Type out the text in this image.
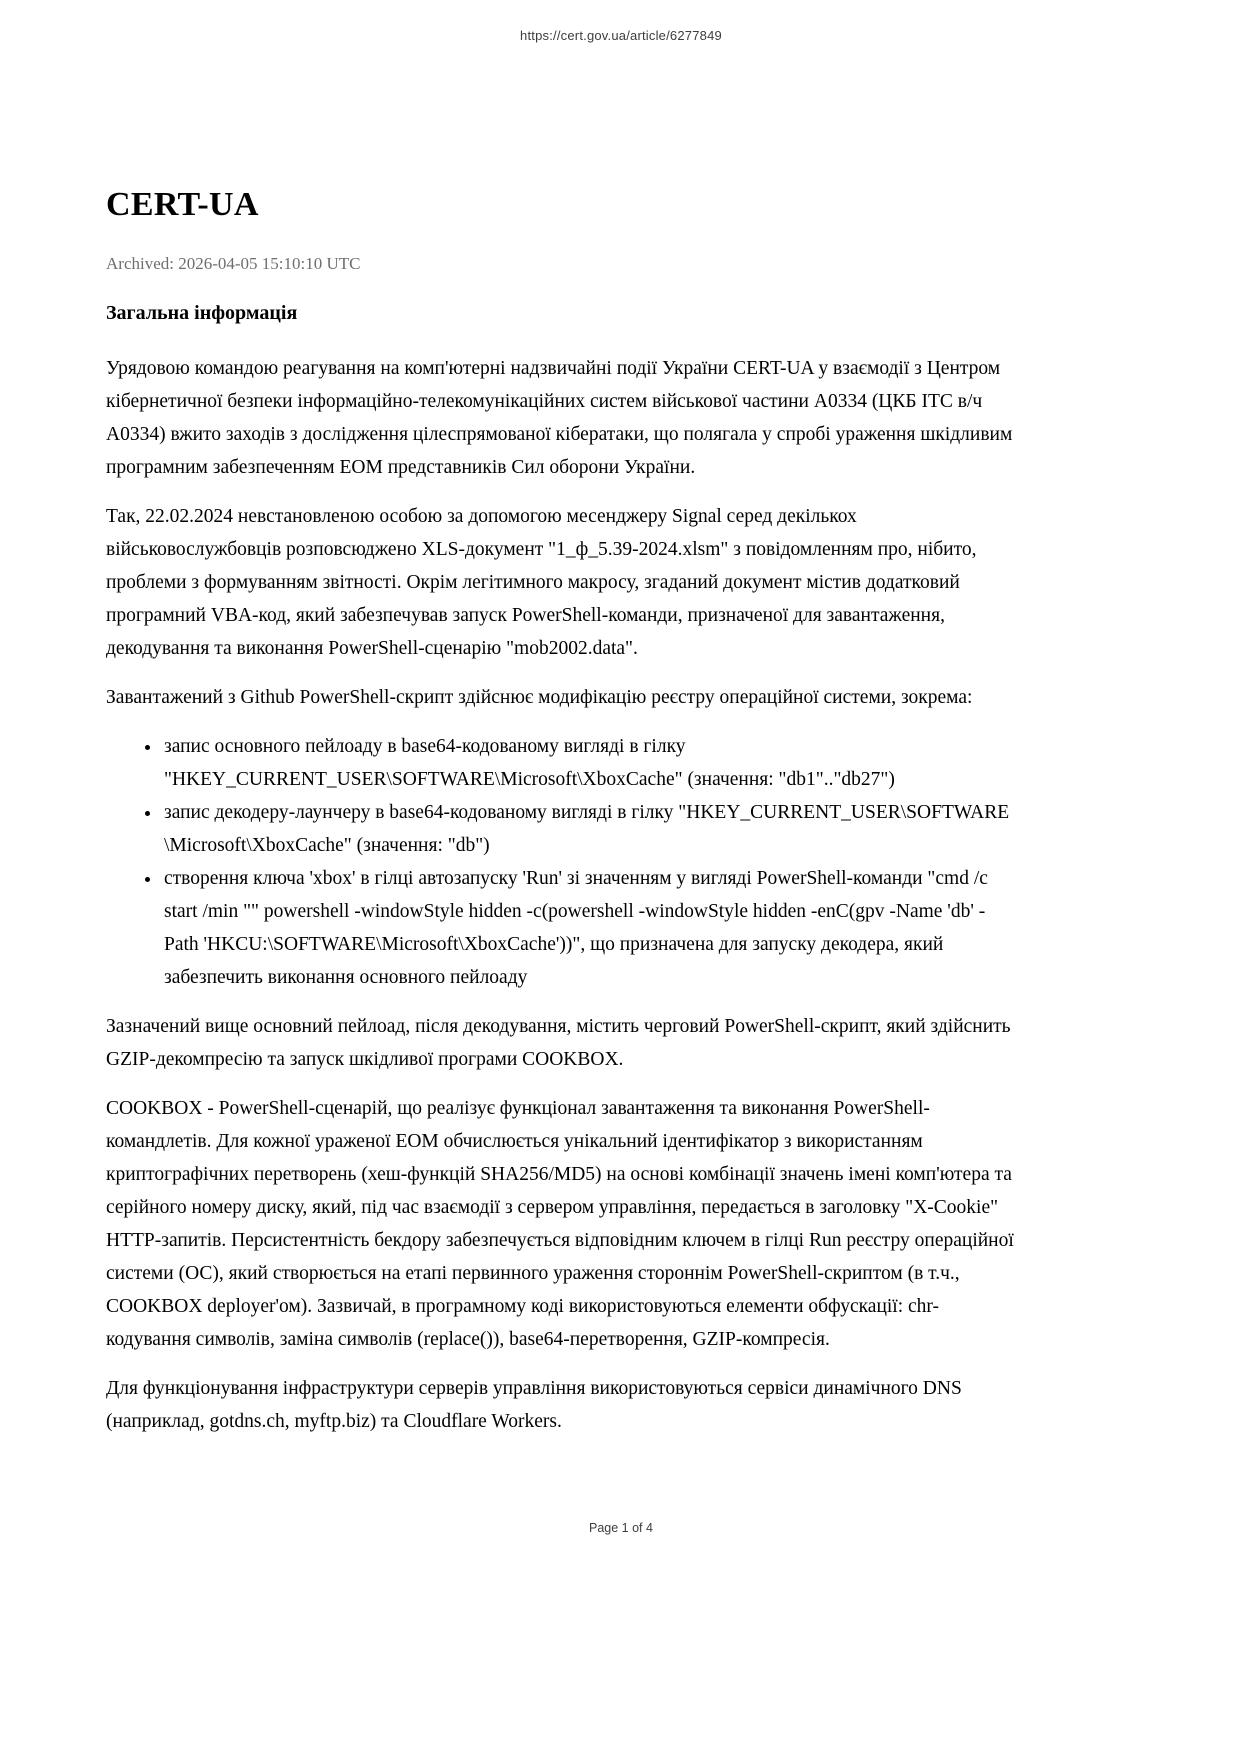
https://cert.gov.ua/article/6277849
CERT-UA
Archived: 2026-04-05 15:10:10 UTC
Загальна інформація

Урядовою командою реагування на комп'ютерні надзвичайні події України CERT-UA у взаємодії з Центром кібернетичної безпеки інформаційно-телекомунікаційних систем військової частини А0334 (ЦКБ ІТС в/ч А0334) вжито заходів з дослідження цілеспрямованої кібератаки, що полягала у спробі ураження шкідливим програмним забезпеченням ЕОМ представників Сил оборони України.

Так, 22.02.2024 невстановленою особою за допомогою месенджеру Signal серед декількох військовослужбовців розповсюджено XLS-документ "1_ф_5.39-2024.xlsm" з повідомленням про, нібито, проблеми з формуванням звітності. Окрім легітимного макросу, згаданий документ містив додатковий програмний VBA-код, який забезпечував запуск PowerShell-команди, призначеної для завантаження, декодування та виконання PowerShell-сценарію "mob2002.data".

Завантажений з Github PowerShell-скрипт здійснює модифікацію реєстру операційної системи, зокрема:

• запис основного пейлоаду в base64-кодованому вигляді в гілку "HKEY_CURRENT_USER\SOFTWARE\Microsoft\XboxCache" (значення: "db1".."db27")
• запис декодеру-лаунчеру в base64-кодованому вигляді в гілку "HKEY_CURRENT_USER\SOFTWARE \Microsoft\XboxCache" (значення: "db")
• створення ключа 'xbox' в гілці автозапуску 'Run' зі значенням у вигляді PowerShell-команди "cmd /c start /min "" powershell -windowStyle hidden -c(powershell -windowStyle hidden -enC(gpv -Name 'db' -Path 'HKCU:\SOFTWARE\Microsoft\XboxCache'))", що призначена для запуску декодера, який забезпечить виконання основного пейлоаду

Зазначений вище основний пейлоад, після декодування, містить черговий PowerShell-скрипт, який здійснить GZIP-декомпресію та запуск шкідливої програми COOKBOX.

COOKBOX - PowerShell-сценарій, що реалізує функціонал завантаження та виконання PowerShell-командлетів. Для кожної ураженої ЕОМ обчислюється унікальний ідентифікатор з використанням криптографічних перетворень (хеш-функцій SHA256/MD5) на основі комбінації значень імені комп'ютера та серійного номеру диску, який, під час взаємодії з сервером управління, передається в заголовку "X-Cookie" HTTP-запитів. Персистентність бекдору забезпечується відповідним ключем в гілці Run реєстру операційної системи (ОС), який створюється на етапі первинного ураження стороннім PowerShell-скриптом (в т.ч., COOKBOX deployer'ом). Зазвичай, в програмному коді використовуються елементи обфускації: chr-кодування символів, заміна символів (replace()), base64-перетворення, GZIP-компресія.

Для функціонування інфраструктури серверів управління використовуються сервіси динамічного DNS (наприклад, gotdns.ch, myftp.biz) та Cloudflare Workers.

Page 1 of 4
